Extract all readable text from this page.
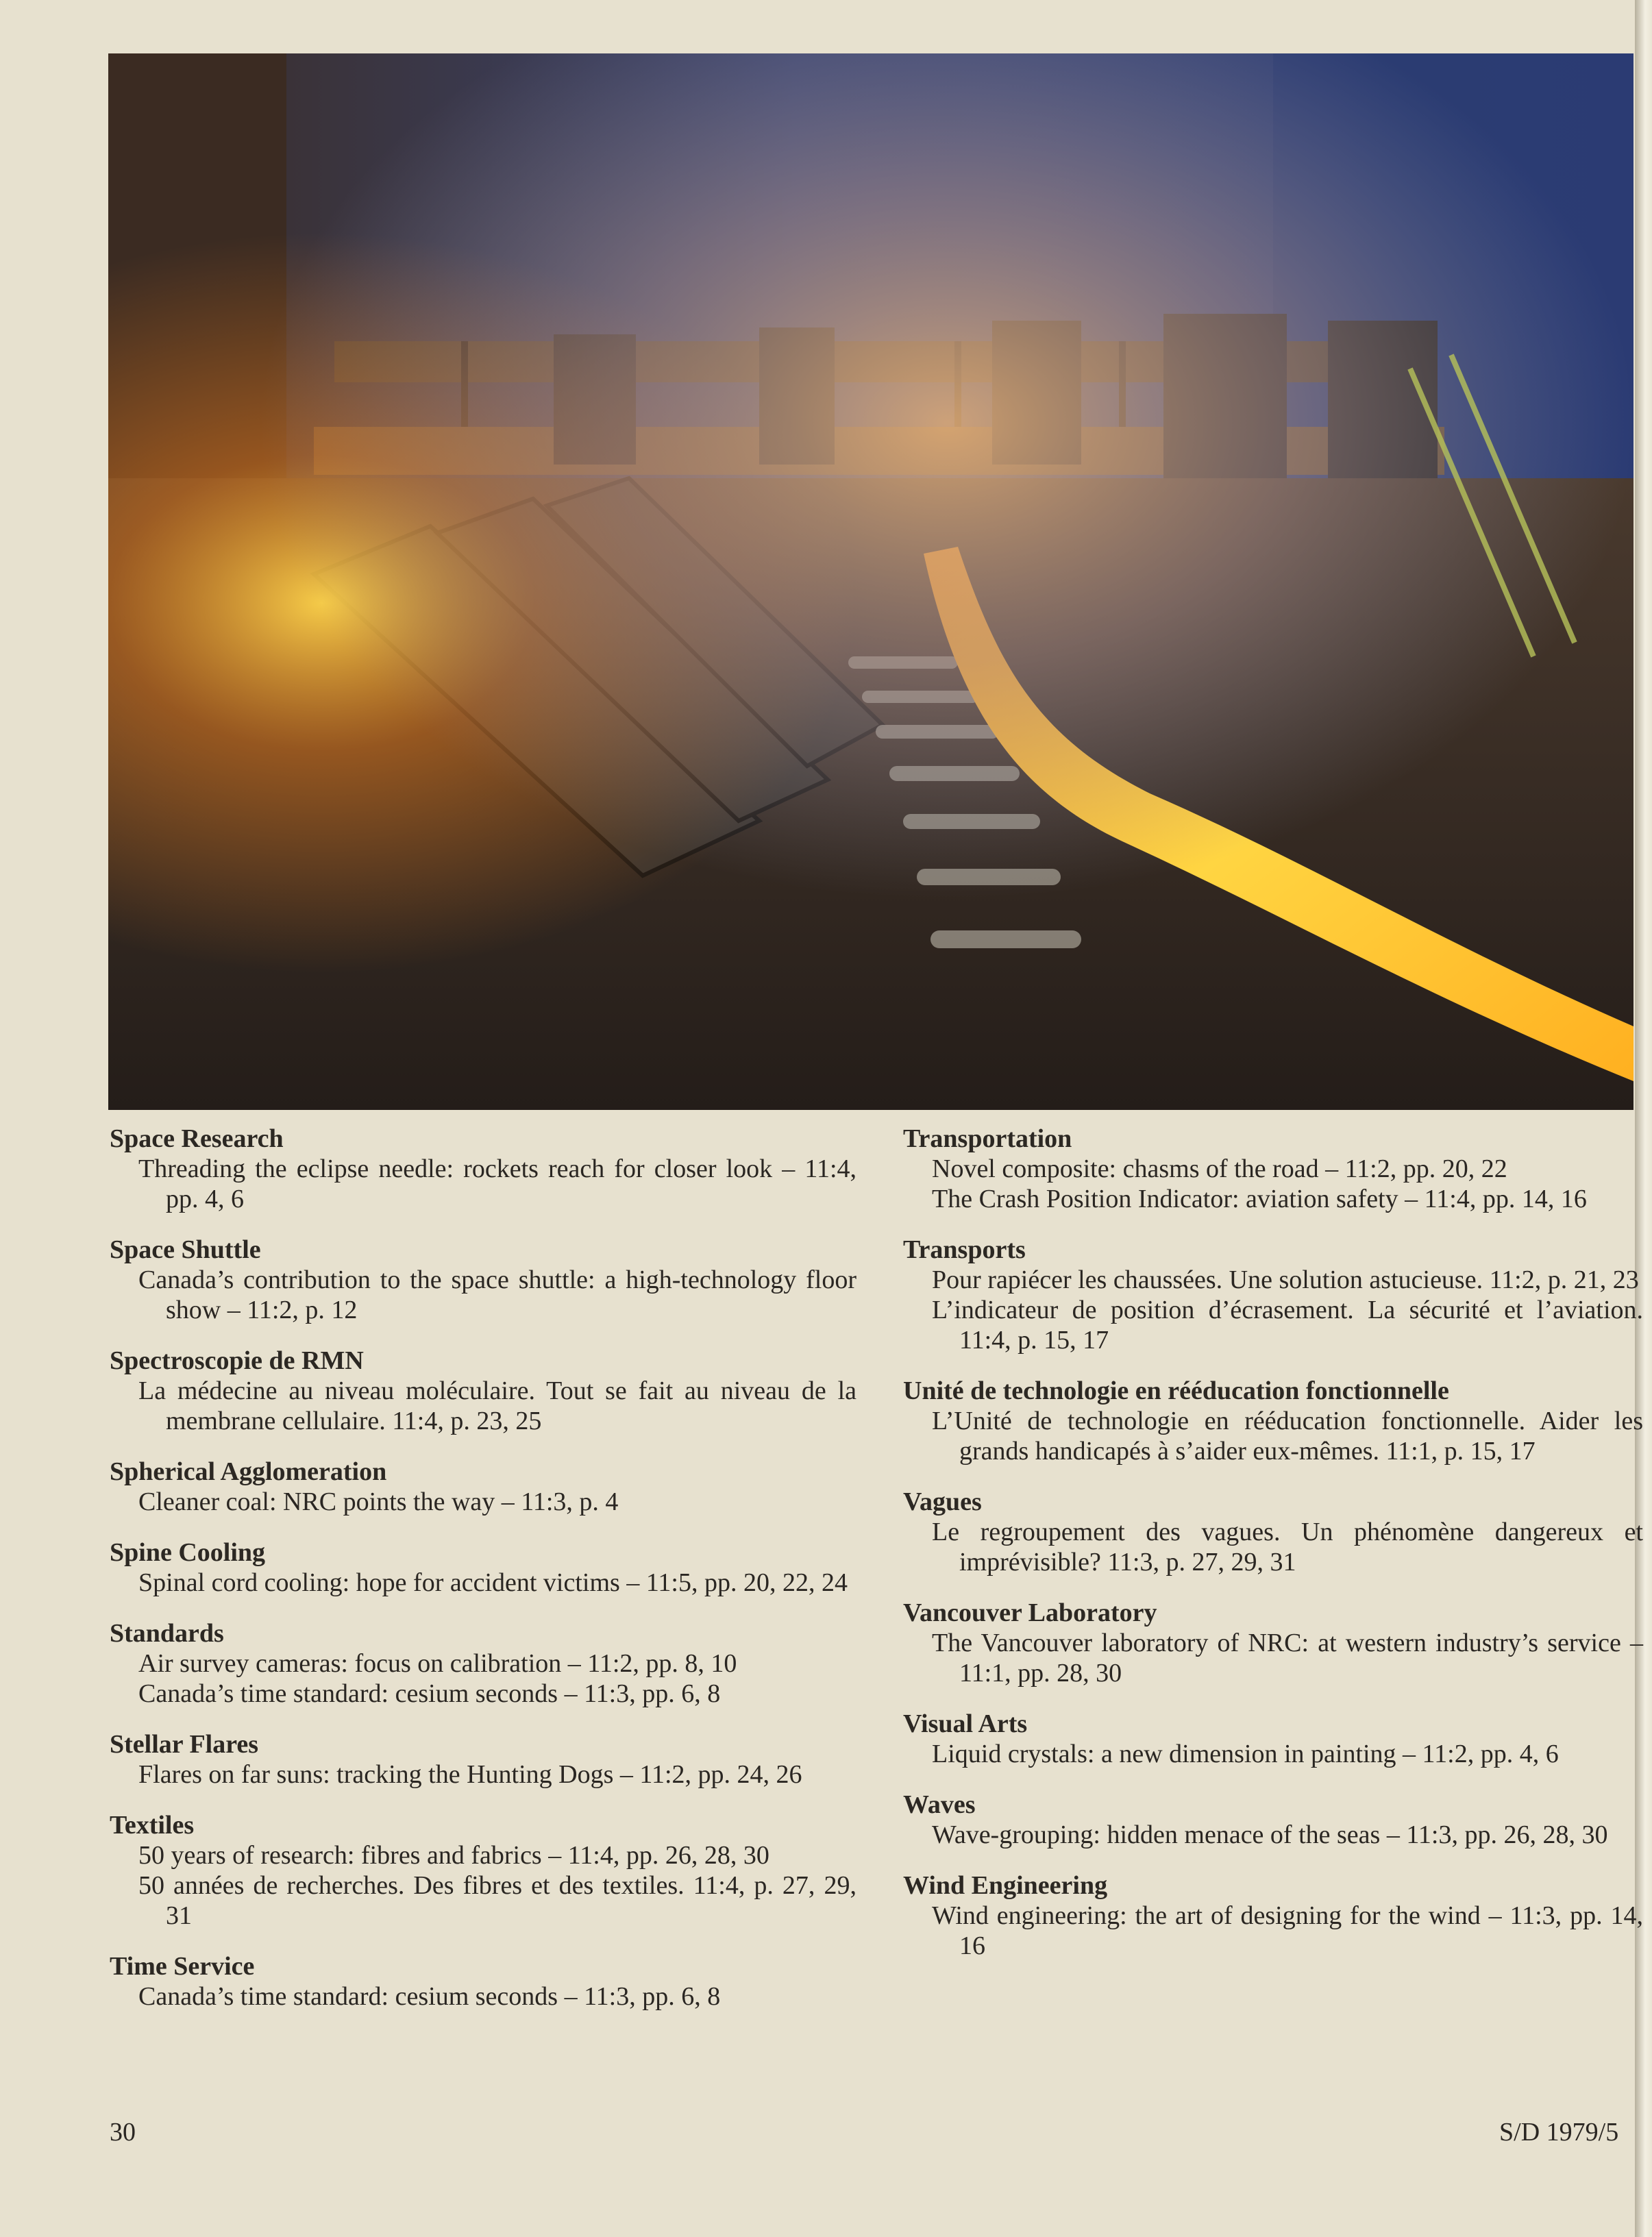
Space Research

Threading the eclipse needle: rockets reach for closer look – 11:4, pp. 4, 6

Space Shuttle

Canada’s contribution to the space shuttle: a high-technology floor show – 11:2, p. 12

Spectroscopie de RMN

La médecine au niveau moléculaire. Tout se fait au niveau de la membrane cellulaire. 11:4, p. 23, 25

Spherical Agglomeration

Cleaner coal: NRC points the way – 11:3, p. 4

Spine Cooling

Spinal cord cooling: hope for accident victims – 11:5, pp. 20, 22, 24

Standards

Air survey cameras: focus on calibration – 11:2, pp. 8, 10

Canada’s time standard: cesium seconds – 11:3, pp. 6, 8

Stellar Flares

Flares on far suns: tracking the Hunting Dogs – 11:2, pp. 24, 26

Textiles

50 years of research: fibres and fabrics – 11:4, pp. 26, 28, 30

50 années de recherches. Des fibres et des textiles. 11:4, p. 27, 29, 31

Time Service

Canada’s time standard: cesium seconds – 11:3, pp. 6, 8

Transportation

Novel composite: chasms of the road – 11:2, pp. 20, 22

The Crash Position Indicator: aviation safety – 11:4, pp. 14, 16

Transports

Pour rapiécer les chaussées. Une solution astucieuse. 11:2, p. 21, 23

L’indicateur de position d’écrasement. La sécurité et l’aviation. 11:4, p. 15, 17

Unité de technologie en rééducation fonctionnelle

L’Unité de technologie en rééducation fonctionnelle. Aider les grands handicapés à s’aider eux-mêmes. 11:1, p. 15, 17

Vagues

Le regroupement des vagues. Un phénomène dangereux et imprévisible? 11:3, p. 27, 29, 31

Vancouver Laboratory

The Vancouver laboratory of NRC: at western industry’s service – 11:1, pp. 28, 30

Visual Arts

Liquid crystals: a new dimension in painting – 11:2, pp. 4, 6

Waves

Wave-grouping: hidden menace of the seas – 11:3, pp. 26, 28, 30

Wind Engineering

Wind engineering: the art of designing for the wind – 11:3, pp. 14, 16

30	S/D 1979/5
